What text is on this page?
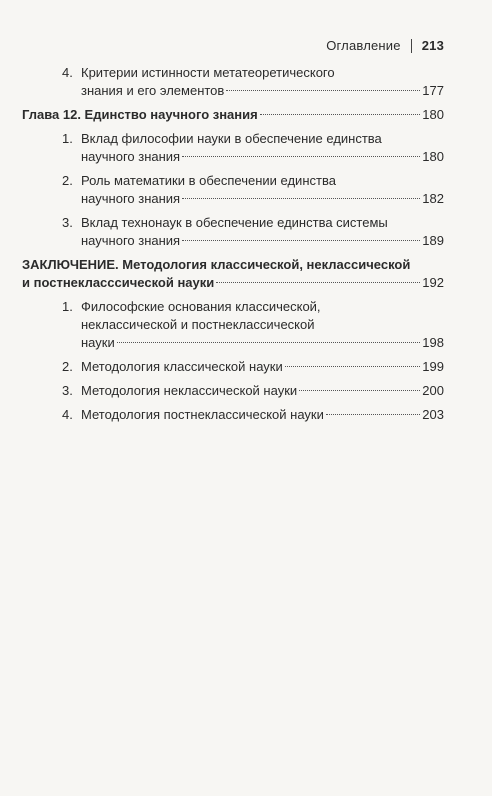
Оглавление 213
4. Критерии истинности метатеоретического
знания и его элементов	177
Глава 12. Единство научного знания	180
1. Вклад философии науки в обеспечение единства
научного знания	180
2. Роль математики в обеспечении единства
научного знания	182
3. Вклад технонаук в обеспечение единства системы
научного знания	189
ЗАКЛЮЧЕНИЕ. Методология классической, неклассической
и постнекласссической науки	192
1. Философские основания классической,
неклассической и постнеклассической
науки	198
2. Методология классической науки	199
3. Методология неклассической науки	200
4. Методология постнеклассической науки	203
